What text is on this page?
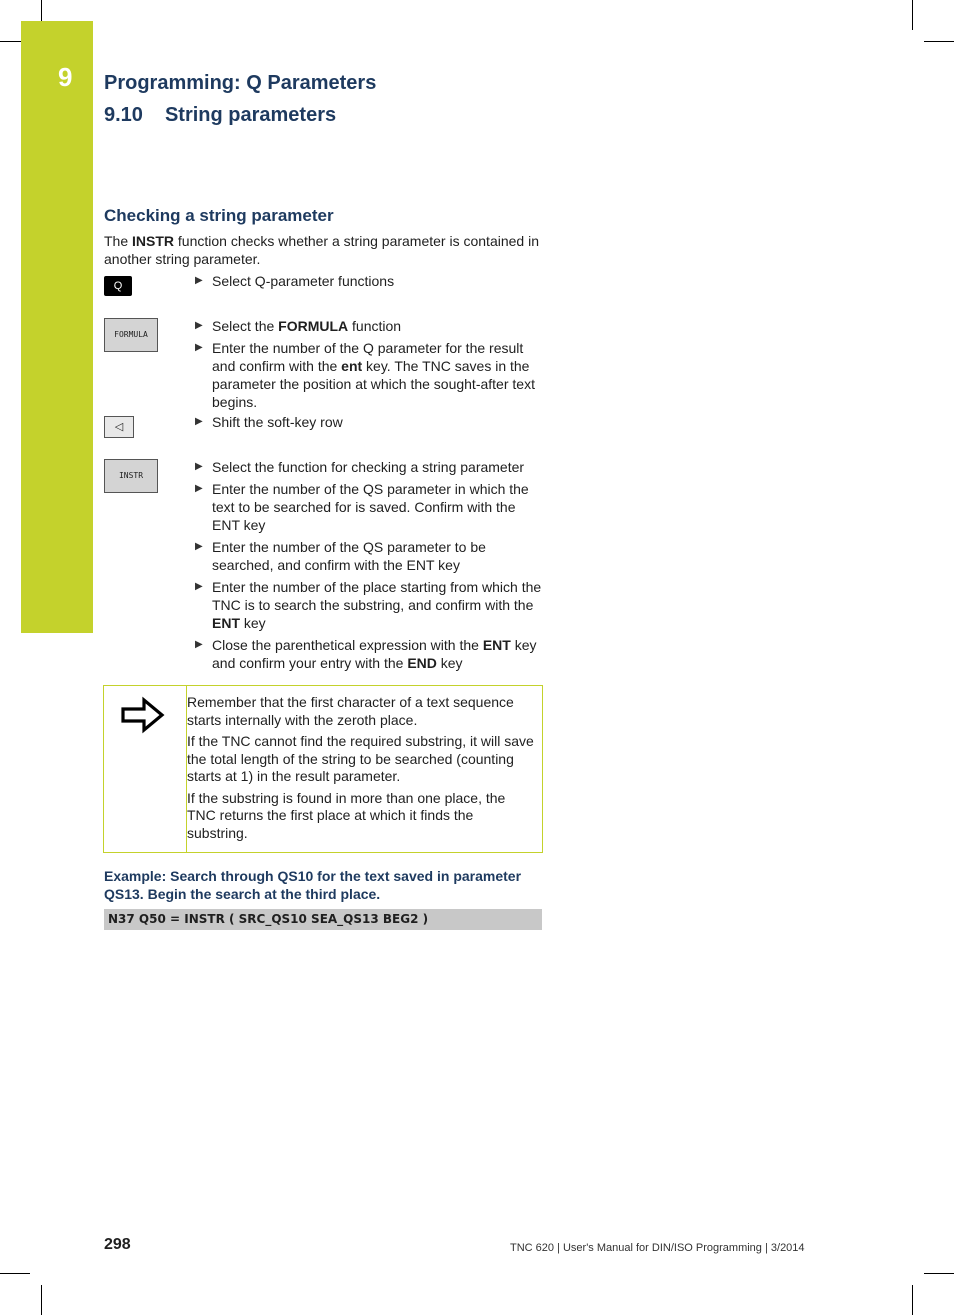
9 Programming: Q Parameters
9.10 String parameters
Checking a string parameter
The INSTR function checks whether a string parameter is contained in another string parameter.
Q	▶ Select Q-parameter functions
FORMULA
▶ Select the FORMULA function
▶ Enter the number of the Q parameter for the result and confirm with the ent key. The TNC saves in the parameter the position at which the sought-after text begins.
◁	▶ Shift the soft-key row
INSTR
▶ Select the function for checking a string parameter
▶ Enter the number of the QS parameter in which the text to be searched for is saved. Confirm with the ENT key
▶ Enter the number of the QS parameter to be searched, and confirm with the ENT key
▶ Enter the number of the place starting from which the TNC is to search the substring, and confirm with the ENT key
▶ Close the parenthetical expression with the ENT key and confirm your entry with the END key

Remember that the first character of a text sequence starts internally with the zeroth place.

If the TNC cannot find the required substring, it will save the total length of the string to be searched (counting starts at 1) in the result parameter.

If the substring is found in more than one place, the TNC returns the first place at which it finds the substring.

Example: Search through QS10 for the text saved in parameter QS13. Begin the search at the third place.
N37 Q50 = INSTR ( SRC_QS10 SEA_QS13 BEG2 )
298	TNC 620 | User's Manual for DIN/ISO Programming | 3/2014
